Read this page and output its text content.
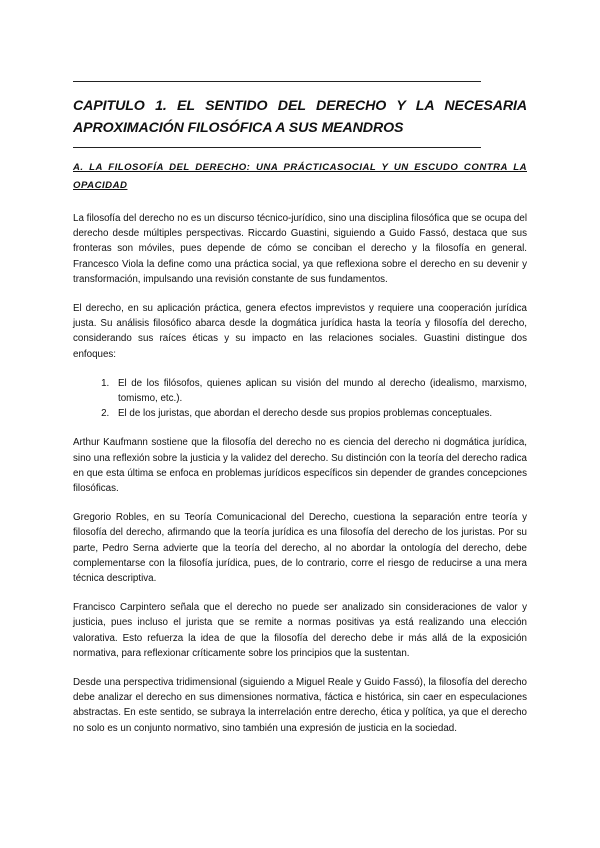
CAPITULO 1. EL SENTIDO DEL DERECHO Y LA NECESARIA APROXIMACIÓN FILOSÓFICA A SUS MEANDROS
A. LA FILOSOFÍA DEL DERECHO: UNA PRÁCTICASOCIAL Y UN ESCUDO CONTRA LA OPACIDAD

La filosofía del derecho no es un discurso técnico-jurídico, sino una disciplina filosófica que se ocupa del derecho desde múltiples perspectivas. Riccardo Guastini, siguiendo a Guido Fassó, destaca que sus fronteras son móviles, pues depende de cómo se conciban el derecho y la filosofía en general. Francesco Viola la define como una práctica social, ya que reflexiona sobre el derecho en su devenir y transformación, impulsando una revisión constante de sus fundamentos.

El derecho, en su aplicación práctica, genera efectos imprevistos y requiere una cooperación jurídica justa. Su análisis filosófico abarca desde la dogmática jurídica hasta la teoría y filosofía del derecho, considerando sus raíces éticas y su impacto en las relaciones sociales. Guastini distingue dos enfoques:

1. El de los filósofos, quienes aplican su visión del mundo al derecho (idealismo, marxismo, tomismo, etc.).
2. El de los juristas, que abordan el derecho desde sus propios problemas conceptuales.

Arthur Kaufmann sostiene que la filosofía del derecho no es ciencia del derecho ni dogmática jurídica, sino una reflexión sobre la justicia y la validez del derecho. Su distinción con la teoría del derecho radica en que esta última se enfoca en problemas jurídicos específicos sin depender de grandes concepciones filosóficas.

Gregorio Robles, en su Teoría Comunicacional del Derecho, cuestiona la separación entre teoría y filosofía del derecho, afirmando que la teoría jurídica es una filosofía del derecho de los juristas. Por su parte, Pedro Serna advierte que la teoría del derecho, al no abordar la ontología del derecho, debe complementarse con la filosofía jurídica, pues, de lo contrario, corre el riesgo de reducirse a una mera técnica descriptiva.

Francisco Carpintero señala que el derecho no puede ser analizado sin consideraciones de valor y justicia, pues incluso el jurista que se remite a normas positivas ya está realizando una elección valorativa. Esto refuerza la idea de que la filosofía del derecho debe ir más allá de la exposición normativa, para reflexionar críticamente sobre los principios que la sustentan.

Desde una perspectiva tridimensional (siguiendo a Miguel Reale y Guido Fassó), la filosofía del derecho debe analizar el derecho en sus dimensiones normativa, fáctica e histórica, sin caer en especulaciones abstractas. En este sentido, se subraya la interrelación entre derecho, ética y política, ya que el derecho no solo es un conjunto normativo, sino también una expresión de justicia en la sociedad.
